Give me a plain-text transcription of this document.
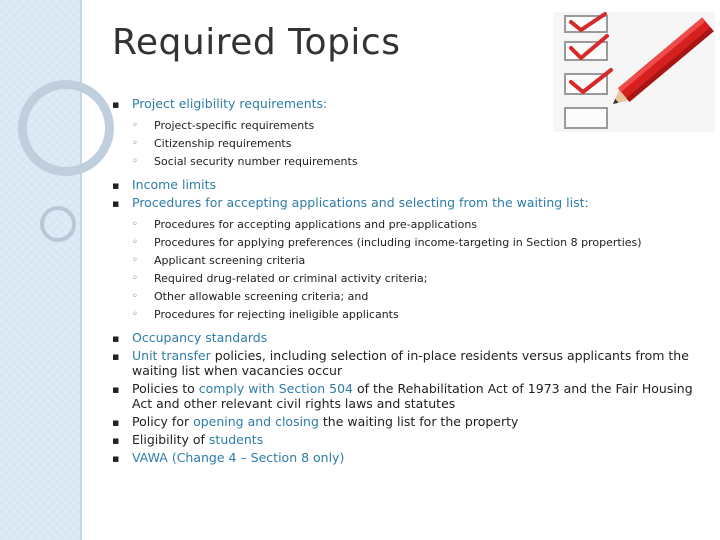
Required Topics
▪ Project eligibility requirements:
◦ Project-specific requirements
◦ Citizenship requirements
◦ Social security number requirements
▪ Income limits
▪ Procedures for accepting applications and selecting from the waiting list:
◦ Procedures for accepting applications and pre-applications
◦ Procedures for applying preferences (including income-targeting in Section 8 properties)
◦ Applicant screening criteria
◦ Required drug-related or criminal activity criteria;
◦ Other allowable screening criteria; and
◦ Procedures for rejecting ineligible applicants
▪ Occupancy standards
▪ Unit transfer policies, including selection of in-place residents versus applicants from the waiting list when vacancies occur
▪ Policies to comply with Section 504 of the Rehabilitation Act of 1973 and the Fair Housing Act and other relevant civil rights laws and statutes
▪ Policy for opening and closing the waiting list for the property
▪ Eligibility of students
▪ VAWA (Change 4 – Section 8 only)
